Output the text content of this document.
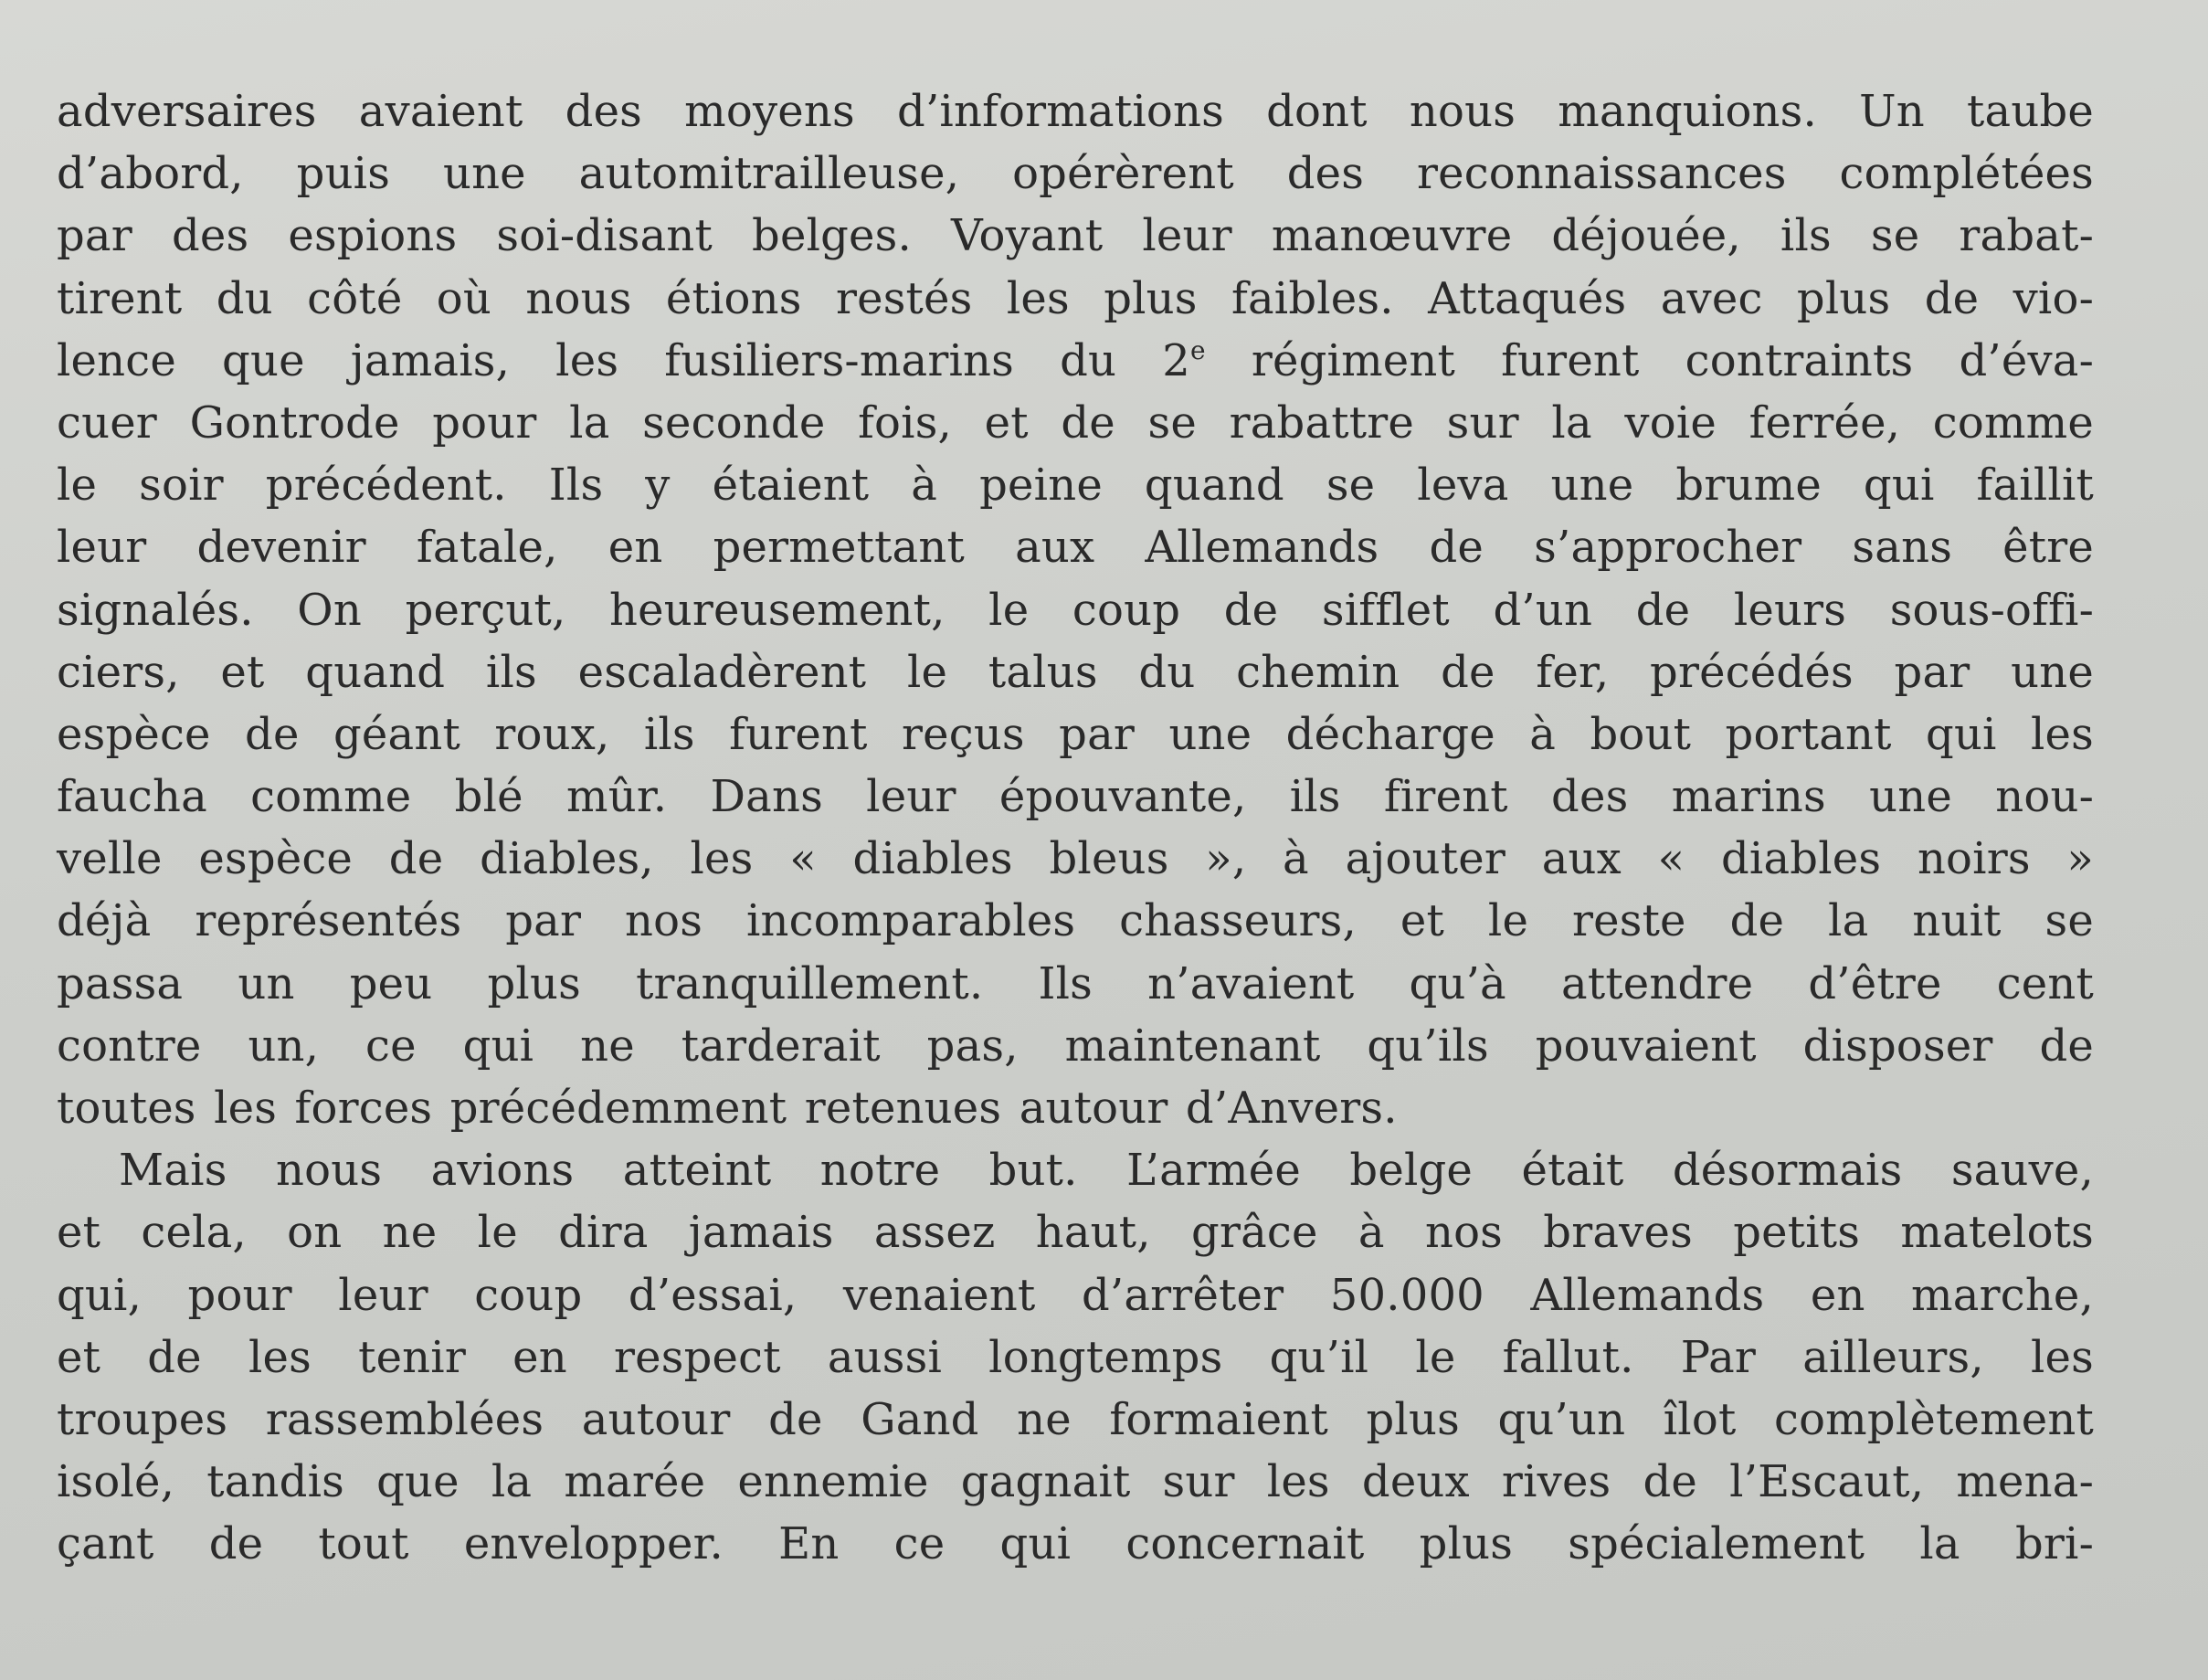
adversaires avaient des moyens d’informations dont nous manquions. Un taube
d’abord, puis une automitrailleuse, opérèrent des reconnaissances complétées
par des espions soi-disant belges. Voyant leur manœuvre déjouée, ils se rabat-
tirent du côté où nous étions restés les plus faibles. Attaqués avec plus de vio-
lence que jamais, les fusiliers-marins du 2e régiment furent contraints d’éva-
cuer Gontrode pour la seconde fois, et de se rabattre sur la voie ferrée, comme
le soir précédent. Ils y étaient à peine quand se leva une brume qui faillit
leur devenir fatale, en permettant aux Allemands de s’approcher sans être
signalés. On perçut, heureusement, le coup de sifflet d’un de leurs sous-offi-
ciers, et quand ils escaladèrent le talus du chemin de fer, précédés par une
espèce de géant roux, ils furent reçus par une décharge à bout portant qui les
faucha comme blé mûr. Dans leur épouvante, ils firent des marins une nou-
velle espèce de diables, les « diables bleus », à ajouter aux « diables noirs »
déjà représentés par nos incomparables chasseurs, et le reste de la nuit se
passa un peu plus tranquillement. Ils n’avaient qu’à attendre d’être cent
contre un, ce qui ne tarderait pas, maintenant qu’ils pouvaient disposer de
toutes les forces précédemment retenues autour d’Anvers.
Mais nous avions atteint notre but. L’armée belge était désormais sauve,
et cela, on ne le dira jamais assez haut, grâce à nos braves petits matelots
qui, pour leur coup d’essai, venaient d’arrêter 50.000 Allemands en marche,
et de les tenir en respect aussi longtemps qu’il le fallut. Par ailleurs, les
troupes rassemblées autour de Gand ne formaient plus qu’un îlot complètement
isolé, tandis que la marée ennemie gagnait sur les deux rives de l’Escaut, mena-
çant de tout envelopper. En ce qui concernait plus spécialement la bri-
